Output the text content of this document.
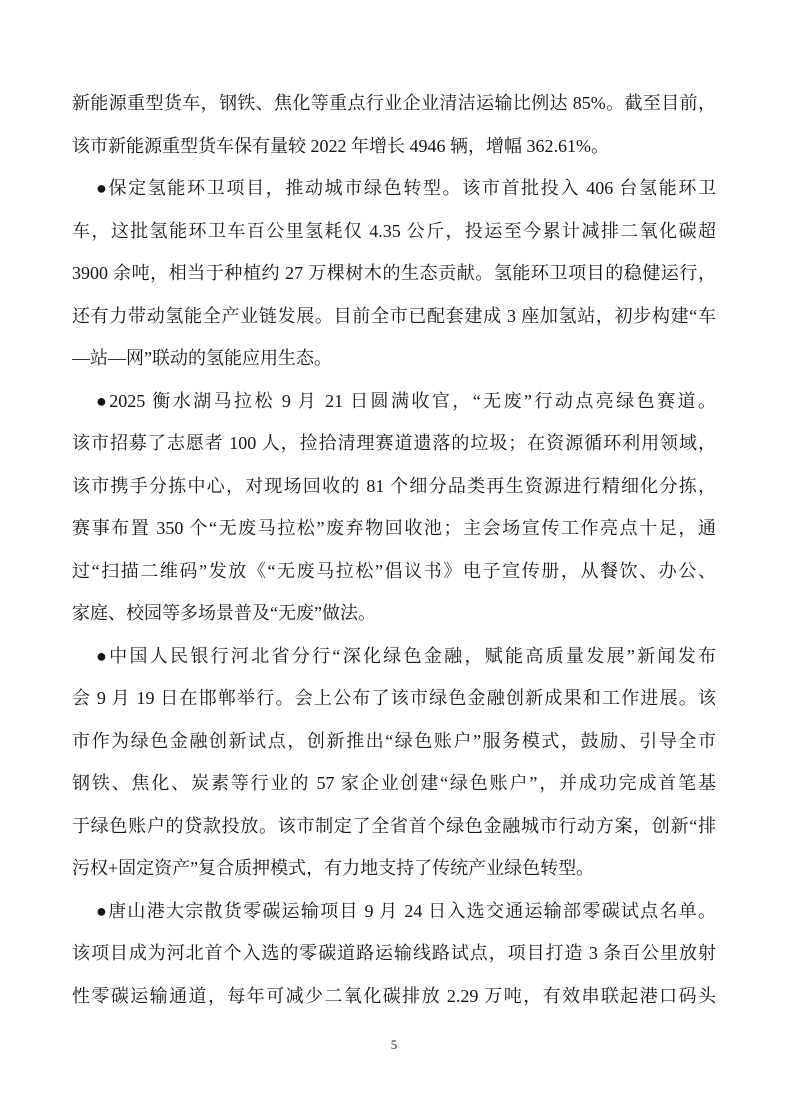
新能源重型货车，钢铁、焦化等重点行业企业清洁运输比例达 85%。截至目前，
该市新能源重型货车保有量较 2022 年增长 4946 辆，增幅 362.61%。
●保定氢能环卫项目，推动城市绿色转型。该市首批投入 406 台氢能环卫
车，这批氢能环卫车百公里氢耗仅 4.35 公斤，投运至今累计减排二氧化碳超
3900 余吨，相当于种植约 27 万棵树木的生态贡献。氢能环卫项目的稳健运行，
还有力带动氢能全产业链发展。目前全市已配套建成 3 座加氢站，初步构建“车
—站—网”联动的氢能应用生态。
●2025 衡水湖马拉松 9 月 21 日圆满收官，“无废”行动点亮绿色赛道。
该市招募了志愿者 100 人，捡拾清理赛道遗落的垃圾；在资源循环利用领域，
该市携手分拣中心，对现场回收的 81 个细分品类再生资源进行精细化分拣，
赛事布置 350 个“无废马拉松”废弃物回收池；主会场宣传工作亮点十足，通
过“扫描二维码”发放《“无废马拉松”倡议书》电子宣传册，从餐饮、办公、
家庭、校园等多场景普及“无废”做法。
●中国人民银行河北省分行“深化绿色金融，赋能高质量发展”新闻发布
会 9 月 19 日在邯郸举行。会上公布了该市绿色金融创新成果和工作进展。该
市作为绿色金融创新试点，创新推出“绿色账户”服务模式，鼓励、引导全市
钢铁、焦化、炭素等行业的 57 家企业创建“绿色账户”，并成功完成首笔基
于绿色账户的贷款投放。该市制定了全省首个绿色金融城市行动方案，创新“排
污权+固定资产”复合质押模式，有力地支持了传统产业绿色转型。
●唐山港大宗散货零碳运输项目 9 月 24 日入选交通运输部零碳试点名单。
该项目成为河北首个入选的零碳道路运输线路试点，项目打造 3 条百公里放射
性零碳运输通道，每年可减少二氧化碳排放 2.29 万吨，有效串联起港口码头
5
